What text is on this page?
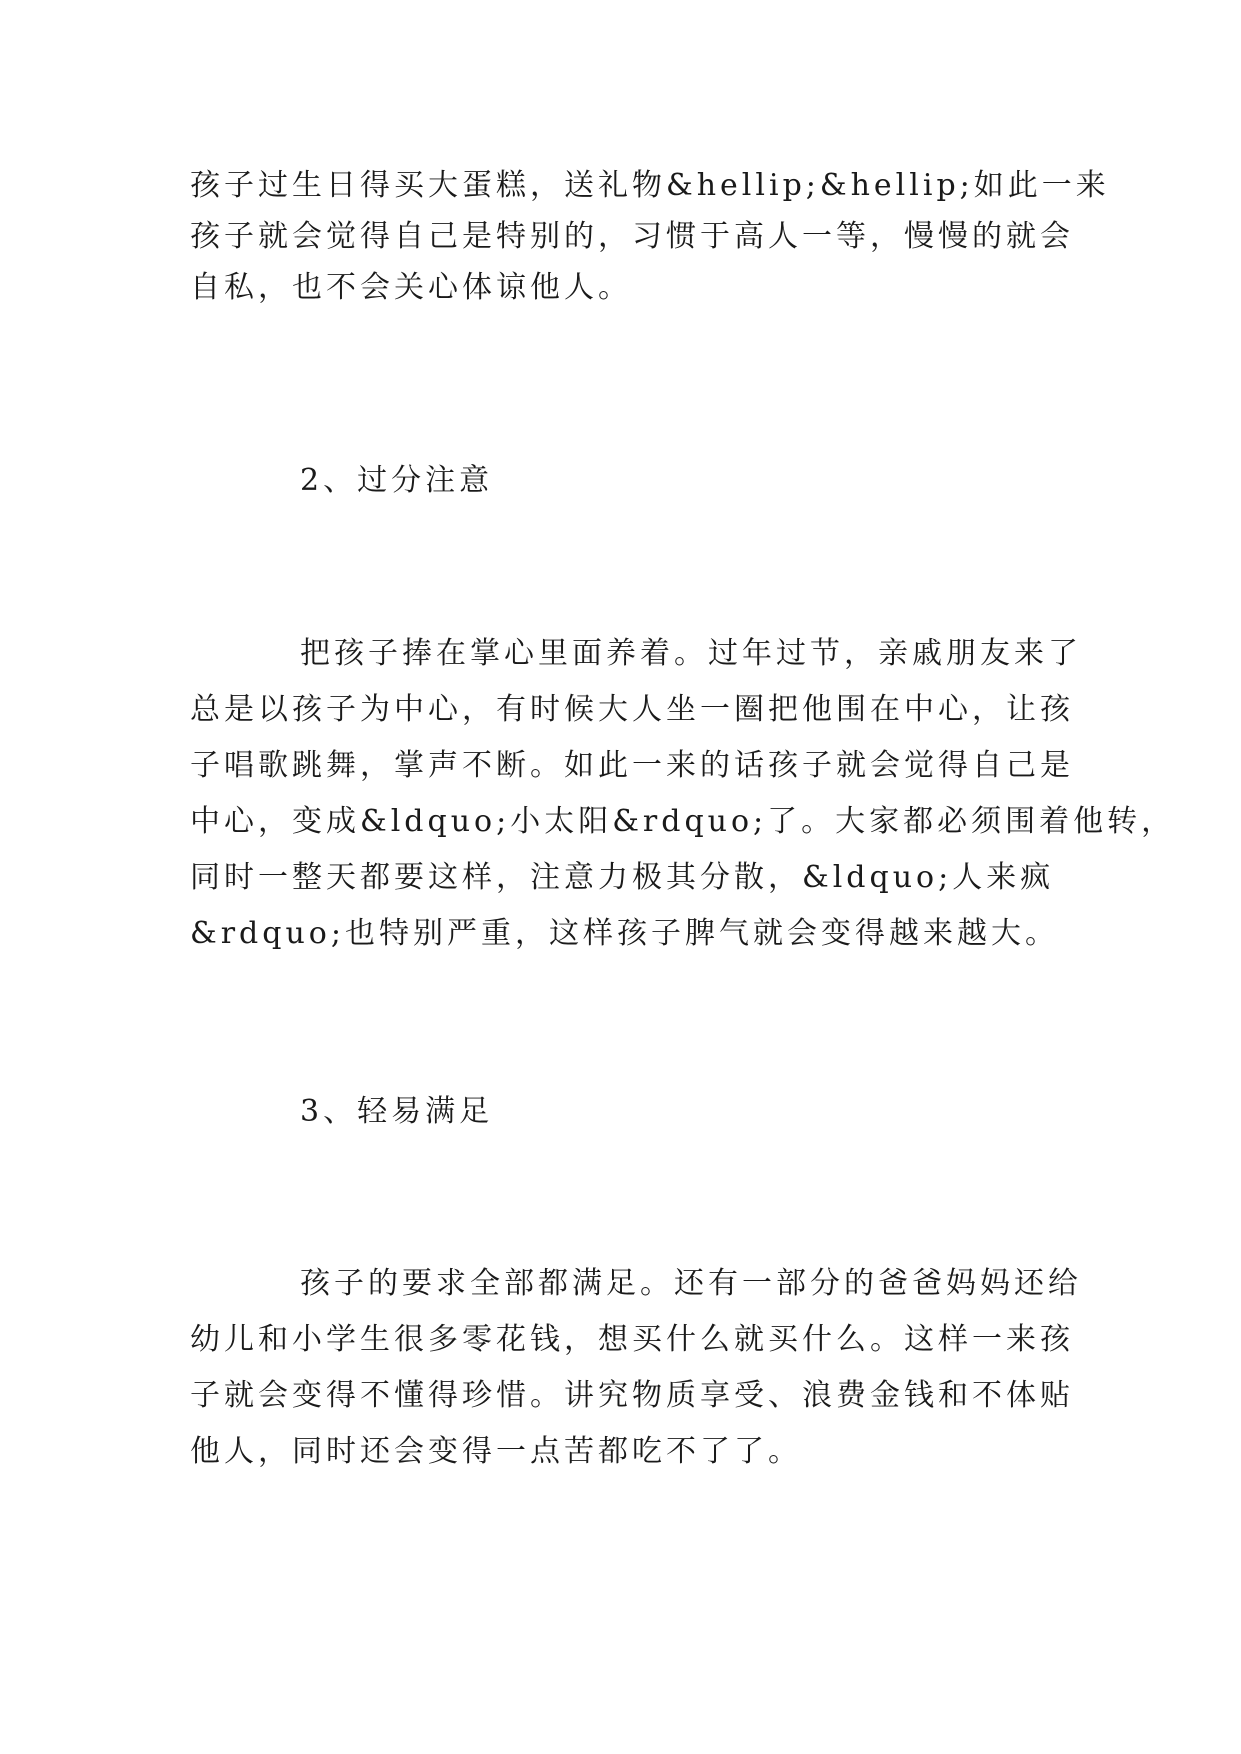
孩子过生日得买大蛋糕，送礼物&hellip;&hellip;如此一来
孩子就会觉得自己是特别的，习惯于高人一等，慢慢的就会
自私，也不会关心体谅他人。
2、过分注意
把孩子捧在掌心里面养着。过年过节，亲戚朋友来了
总是以孩子为中心，有时候大人坐一圈把他围在中心，让孩
子唱歌跳舞，掌声不断。如此一来的话孩子就会觉得自己是
中心，变成&ldquo;小太阳&rdquo;了。大家都必须围着他转，
同时一整天都要这样，注意力极其分散，&ldquo;人来疯
&rdquo;也特别严重，这样孩子脾气就会变得越来越大。
3、轻易满足
孩子的要求全部都满足。还有一部分的爸爸妈妈还给
幼儿和小学生很多零花钱，想买什么就买什么。这样一来孩
子就会变得不懂得珍惜。讲究物质享受、浪费金钱和不体贴
他人，同时还会变得一点苦都吃不了了。
